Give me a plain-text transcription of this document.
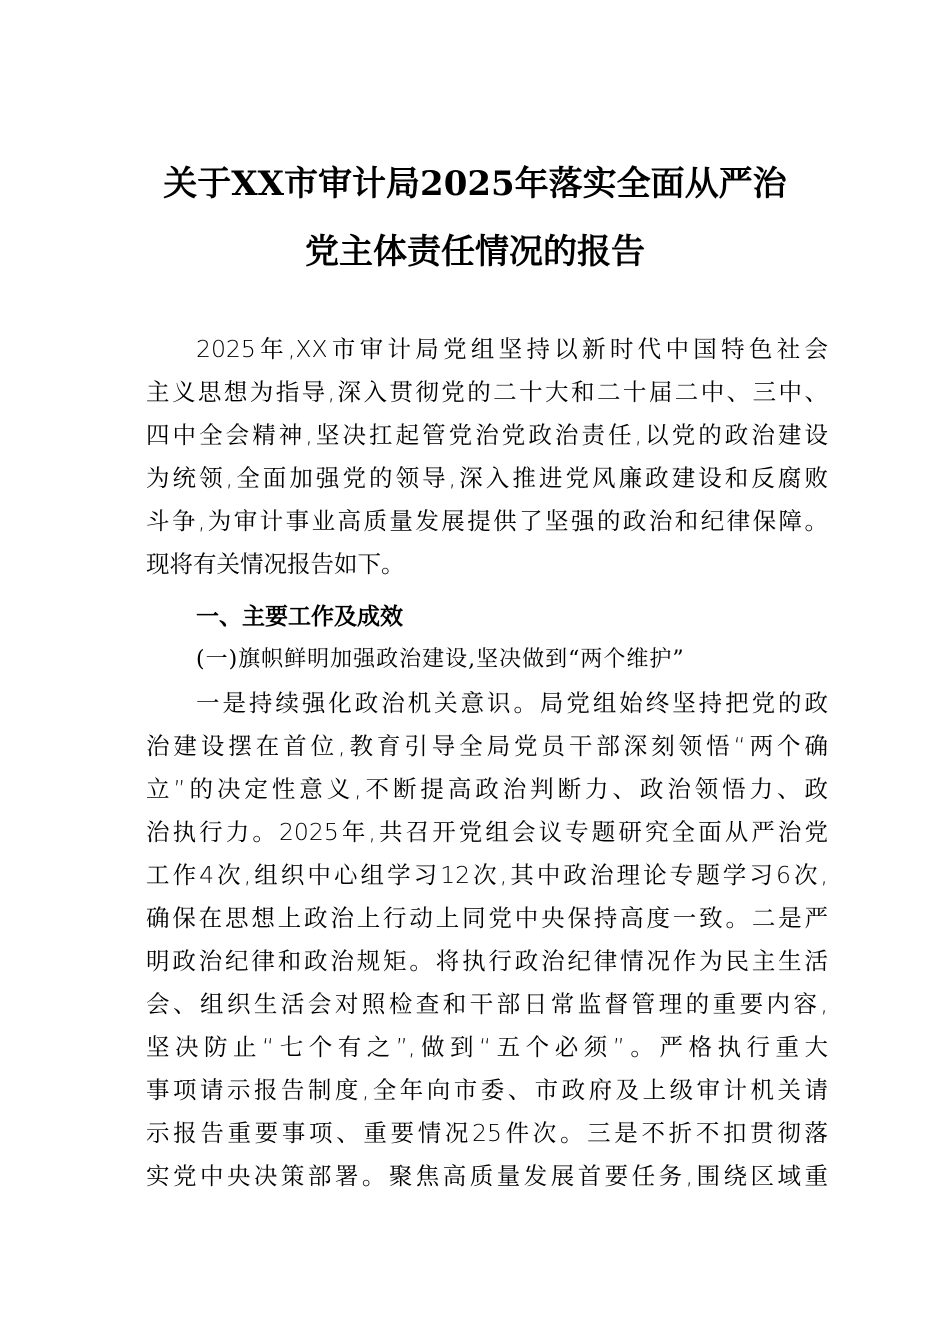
关于XX市审计局2025年落实全面从严治
党主体责任情况的报告
2025年,XX市审计局党组坚持以新时代中国特色社会
主义思想为指导,深入贯彻党的二十大和二十届二中、三中、
四中全会精神,坚决扛起管党治党政治责任,以党的政治建设
为统领,全面加强党的领导,深入推进党风廉政建设和反腐败
斗争,为审计事业高质量发展提供了坚强的政治和纪律保障。
现将有关情况报告如下。
一、主要工作及成效
(一)旗帜鲜明加强政治建设,坚决做到“两个维护”
一是持续强化政治机关意识。局党组始终坚持把党的政
治建设摆在首位,教育引导全局党员干部深刻领悟“两个确
立”的决定性意义,不断提高政治判断力、政治领悟力、政
治执行力。2025年,共召开党组会议专题研究全面从严治党
工作4次,组织中心组学习12次,其中政治理论专题学习6次,
确保在思想上政治上行动上同党中央保持高度一致。二是严
明政治纪律和政治规矩。将执行政治纪律情况作为民主生活
会、组织生活会对照检查和干部日常监督管理的重要内容,
坚决防止“七个有之”,做到“五个必须”。严格执行重大
事项请示报告制度,全年向市委、市政府及上级审计机关请
示报告重要事项、重要情况25件次。三是不折不扣贯彻落
实党中央决策部署。聚焦高质量发展首要任务,围绕区域重
